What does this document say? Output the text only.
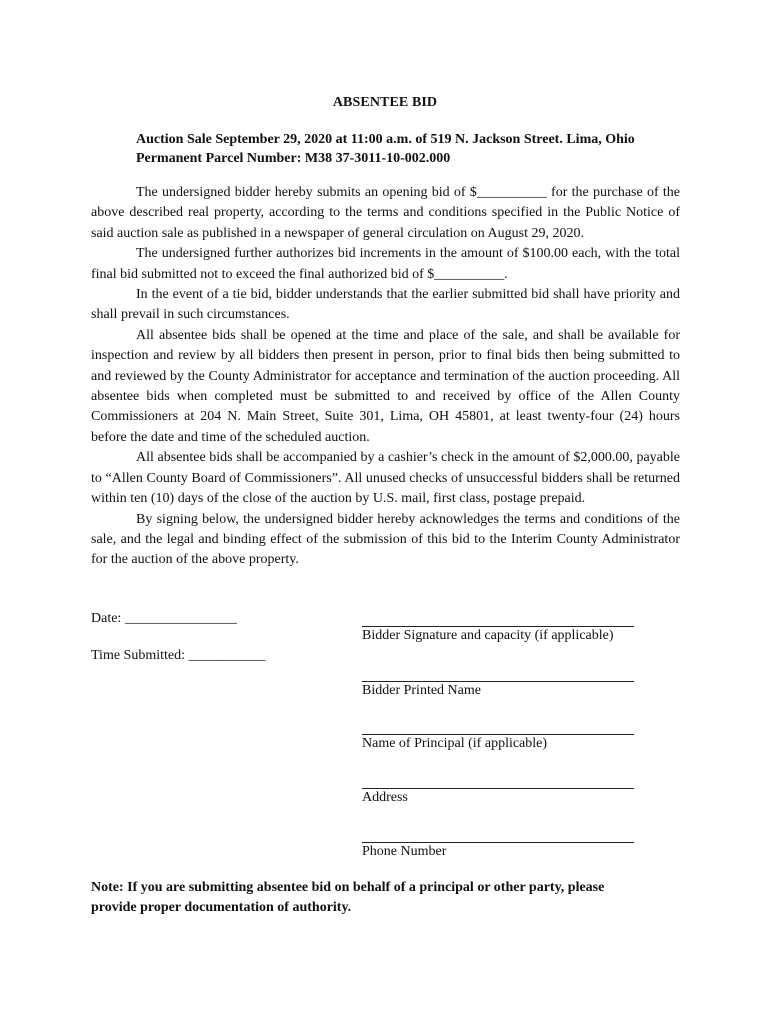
ABSENTEE BID
Auction Sale September 29, 2020 at 11:00 a.m. of 519 N. Jackson Street. Lima, Ohio
Permanent Parcel Number: M38 37-3011-10-002.000

The undersigned bidder hereby submits an opening bid of $__________ for the purchase of the above described real property, according to the terms and conditions specified in the Public Notice of said auction sale as published in a newspaper of general circulation on August 29, 2020.

The undersigned further authorizes bid increments in the amount of $100.00 each, with the total final bid submitted not to exceed the final authorized bid of $__________.

In the event of a tie bid, bidder understands that the earlier submitted bid shall have priority and shall prevail in such circumstances.

All absentee bids shall be opened at the time and place of the sale, and shall be available for inspection and review by all bidders then present in person, prior to final bids then being submitted to and reviewed by the County Administrator for acceptance and termination of the auction proceeding. All absentee bids when completed must be submitted to and received by office of the Allen County Commissioners at 204 N. Main Street, Suite 301, Lima, OH 45801, at least twenty-four (24) hours before the date and time of the scheduled auction.

All absentee bids shall be accompanied by a cashier’s check in the amount of $2,000.00, payable to “Allen County Board of Commissioners”. All unused checks of unsuccessful bidders shall be returned within ten (10) days of the close of the auction by U.S. mail, first class, postage prepaid.

By signing below, the undersigned bidder hereby acknowledges the terms and conditions of the sale, and the legal and binding effect of the submission of this bid to the Interim County Administrator for the auction of the above property.

Date: ________________
Time Submitted: ___________
Bidder Signature and capacity (if applicable)
Bidder Printed Name
Name of Principal (if applicable)
Address
Phone Number
Note: If you are submitting absentee bid on behalf of a principal or other party, please
provide proper documentation of authority.
